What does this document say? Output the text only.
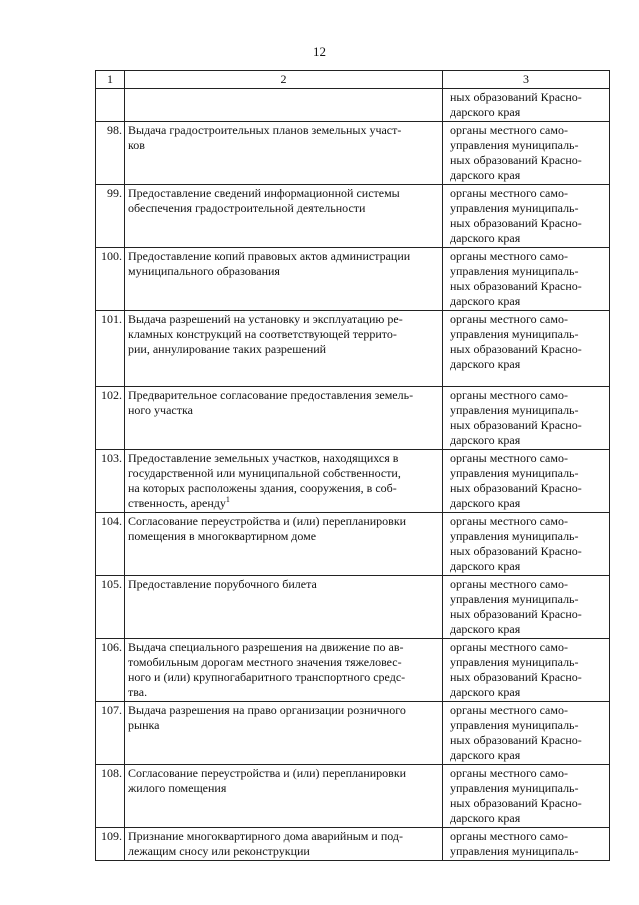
12
1	2	3

		ных образований Красно-
дарского края

98.	Выдача градостроительных планов земельных участ-
ков	органы местного само-
управления муниципаль-
ных образований Красно-
дарского края

99.	Предоставление сведений информационной системы
обеспечения градостроительной деятельности	органы местного само-
управления муниципаль-
ных образований Красно-
дарского края

100.	Предоставление копий правовых актов администрации
муниципального образования	органы местного само-
управления муниципаль-
ных образований Красно-
дарского края

101.	Выдача разрешений на установку и эксплуатацию ре-
кламных конструкций на соответствующей террито-
рии, аннулирование таких разрешений	органы местного само-
управления муниципаль-
ных образований Красно-
дарского края

102.	Предварительное согласование предоставления земель-
ного участка	органы местного само-
управления муниципаль-
ных образований Красно-
дарского края

103.	Предоставление земельных участков, находящихся в
государственной или муниципальной собственности,
на которых расположены здания, сооружения, в соб-
ственность, аренду$^1$	органы местного само-
управления муниципаль-
ных образований Красно-
дарского края

104.	Согласование переустройства и (или) перепланировки
помещения в многоквартирном доме	органы местного само-
управления муниципаль-
ных образований Красно-
дарского края

105.	Предоставление порубочного билета	органы местного само-
управления муниципаль-
ных образований Красно-
дарского края

106.	Выдача специального разрешения на движение по ав-
томобильным дорогам местного значения тяжеловес-
ного и (или) крупногабаритного транспортного средс-
тва.	органы местного само-
управления муниципаль-
ных образований Красно-
дарского края

107.	Выдача разрешения на право организации розничного
рынка	органы местного само-
управления муниципаль-
ных образований Красно-
дарского края

108.	Согласование переустройства и (или) перепланировки
жилого помещения	органы местного само-
управления муниципаль-
ных образований Красно-
дарского края

109.	Признание многоквартирного дома аварийным и под-
лежащим сносу или реконструкции	органы местного само-
управления муниципаль-
